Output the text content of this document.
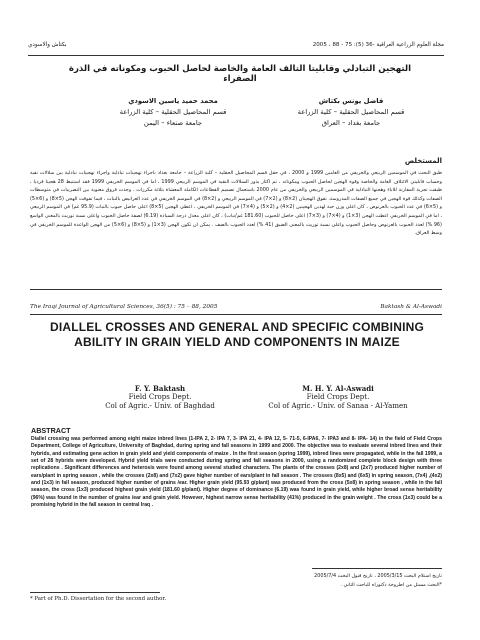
مجلة العلوم الزراعية العراقية -36 (5): 75 - 88 ، 2005
بكتاش والاسودي
التهجين التبادلي وقابليتا التالف العامة والخاصة لحاصل الحبوب ومكوناته في الذرة الصفراء
فاضل يونس بكتاش
قسم المحاصيل الحقلية – كلية الزراعة
جامعة بغداد – العراق
محمد حميد ياسين الاسودي
قسم المحاصيل الحقلية – كلية الزراعة
جامعة صنعاء – اليمن
المستخلص
طبق البحث في الموسمين الربيعي والخريفي من العامين 1999 و 2000 ، في حقل قسم المحاصيل الحقلية – كلية الزراعة – جامعة بغداد باجراء تهجينات تبادلية واجراء تهجينات تبادلية بين سلالات نقية وحساب قابليتي الائتلاف العامة والخاصة وقوة الهجين لحاصل الحبوب ومكوناته ، تم اكثار بذور السلالات النقية في الموسم الربيعي 1999 ، اما في الموسم الخريفي 1999 فقد استنبط 28 هجينا فرديا ، طبقت تجربة المقارنة للاباء وهجنها التبادلية في الموسمين الربيعي والخريفي من عام 2000 باستعمال تصميم القطاعات الكاملة المعشاة بثلاثة مكررات . وجدت فروق معنوية بين التضريبات في متوسطات الصفات وكذلك قوة الهجين في جميع الصفات المدروسة. تفوق الهجينان (2×8) و (2×7) في الموسم الربيعي و (2×8) في الموسم الخريفي في عدد العرانيص بالنبات ، فيما تفوقت الهجن (5×8) و (6×5) و (5×6) في عدد الحبوب بالعرنوص ، كان اعلى وزن حبة لهذين الهجينين (2×4) و (2×5) و (4×7) في الموسم الخريفي ، اعطى الهجين (5×8) اعلى حاصل حبوب بالنبات (95.9 غم) في الموسم الربيعي ، اما في الموسم الخريفي اعطت الهجن (3×1) و (4×7) و (3×7) اعلى حاصل للحبوب (181.60 غم/نبات) ، كان اعلى معدل درجة السيادة (6.19) لصفة حاصل الحبوب واعلى نسبة توريث بالمعنى الواسع (96 %) لعدد الحبوب بالعرنوص وحاصل الحبوب واعلى نسبة توريث بالمعنى الضيق (41 %) لعدد الحبوب بالصف . يمكن ان تكون الهجن (3×1) و (5×8) و (6×5) من الهجن الواعدة للموسم الخريفي في وسط العراق.
The Iraqi Journal of Agricultural Sciences, 36(5) : 75 – 88, 2005	Baktash & Al-Aswadi
DIALLEL CROSSES AND GENERAL AND SPECIFIC COMBINING ABILITY IN GRAIN YIELD AND COMPONENTS IN MAIZE
F. Y. Baktash
Field Crops Dept.
Col of Agric.- Univ. of Baghdad
M. H. Y. Al-Aswadi
Field Crops Dept.
Col of Agric.- Univ. of Sanaa - Al-Yamen
ABSTRACT
Diallel crossing was performed among eight maize inbred lines (1-IPA 2, 2- IPA 7, 3- IPA 21, 4- IPA 12, 5- 71-5, 6-IPA6, 7- IPA3 and 8- IPA- 14) in the field of Field Crops Department, College of Agriculture, University of Baghdad, during spring and fall seasons in 1999 and 2000. The objective was to evaluate several inbred lines and their hybrids, and estimating gene action in grain yield and yield components of maize . In the first season (spring 1999), inbred lines were propagated, while in the fall 1999, a set of 28 hybrids were developed. Hybrid yield trials were conducted during spring and fall seasons in 2000, using a randomized complete block design with three replications . Significant differences and heterosis were found among several studied characters. The plants of the crosses (2x8) and (2x7) produced higher number of ears/plant in spring season , while the crosses (2x8) and (7x2) gave higher number of ears/plant in fall season . The crosses (8x5) and (6x5) in spring season, (7x4) ,(4x2) and (1x3) in fall season, produced higher number of grains /ear. Higher grain yield (95.93 g/plant) was produced from the cross (5x8) in spring season , while in the fall season, the cross (1x3) produced highest grain yield (181.60 g/plant). Higher degree of dominance (6.19) was found in grain yield, while higher broad sense heritability (96%) was found in the number of grains /ear and grain yield. However, highest narrow sense heritability (41%) produced in the grain weight . The cross (1x3) could be a promising hybrid in the fall season in central Iraq .
تاريخ استلام البحث 2005/3/15 ، تاريخ قبول البحث 2005/7/4
*البحث مستل من اطروحة دكتوراه للباحث الثاني .
* Part of Ph.D. Dissertation for the second author.
